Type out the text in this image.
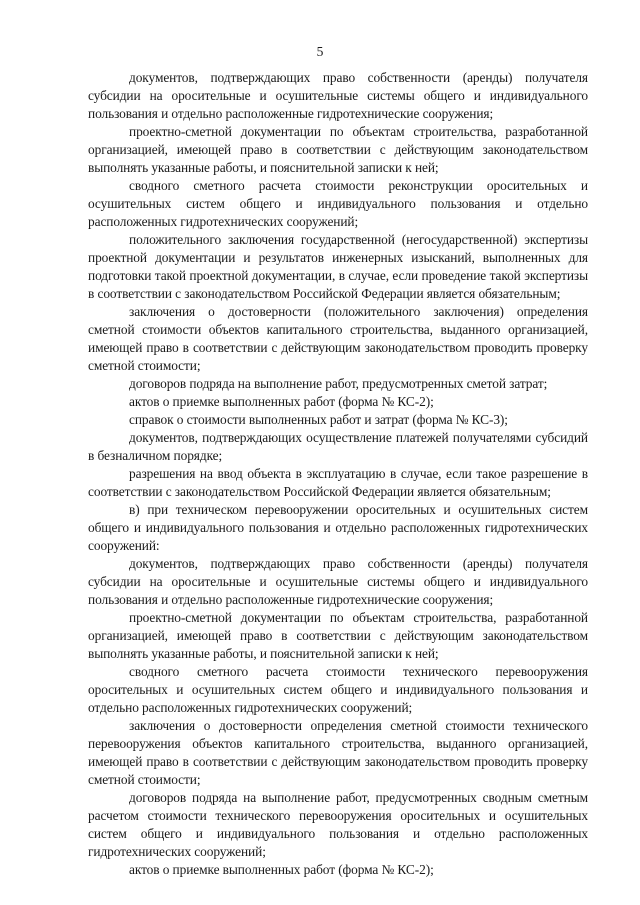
5

документов, подтверждающих право собственности (аренды) получателя субсидии на оросительные и осушительные системы общего и индивидуального пользования и отдельно расположенные гидротехнические сооружения;

проектно-сметной документации по объектам строительства, разработанной организацией, имеющей право в соответствии с действующим законодательством выполнять указанные работы, и пояснительной записки к ней;

сводного сметного расчета стоимости реконструкции оросительных и осушительных систем общего и индивидуального пользования и отдельно расположенных гидротехнических сооружений;

положительного заключения государственной (негосударственной) экспертизы проектной документации и результатов инженерных изысканий, выполненных для подготовки такой проектной документации, в случае, если проведение такой экспертизы в соответствии с законодательством Российской Федерации является обязательным;

заключения о достоверности (положительного заключения) определения сметной стоимости объектов капитального строительства, выданного организацией, имеющей право в соответствии с действующим законодательством проводить проверку сметной стоимости;

договоров подряда на выполнение работ, предусмотренных сметой затрат;

актов о приемке выполненных работ (форма № КС-2);

справок о стоимости выполненных работ и затрат (форма № КС-3);

документов, подтверждающих осуществление платежей получателями субсидий в безналичном порядке;

разрешения на ввод объекта в эксплуатацию в случае, если такое разрешение в соответствии с законодательством Российской Федерации является обязательным;

в) при техническом перевооружении оросительных и осушительных систем общего и индивидуального пользования и отдельно расположенных гидротехнических сооружений:

документов, подтверждающих право собственности (аренды) получателя субсидии на оросительные и осушительные системы общего и индивидуального пользования и отдельно расположенные гидротехнические сооружения;

проектно-сметной документации по объектам строительства, разработанной организацией, имеющей право в соответствии с действующим законодательством выполнять указанные работы, и пояснительной записки к ней;

сводного сметного расчета стоимости технического перевооружения оросительных и осушительных систем общего и индивидуального пользования и отдельно расположенных гидротехнических сооружений;

заключения о достоверности определения сметной стоимости технического перевооружения объектов капитального строительства, выданного организацией, имеющей право в соответствии с действующим законодательством проводить проверку сметной стоимости;

договоров подряда на выполнение работ, предусмотренных сводным сметным расчетом стоимости технического перевооружения оросительных и осушительных систем общего и индивидуального пользования и отдельно расположенных гидротехнических сооружений;

актов о приемке выполненных работ (форма № КС-2);
